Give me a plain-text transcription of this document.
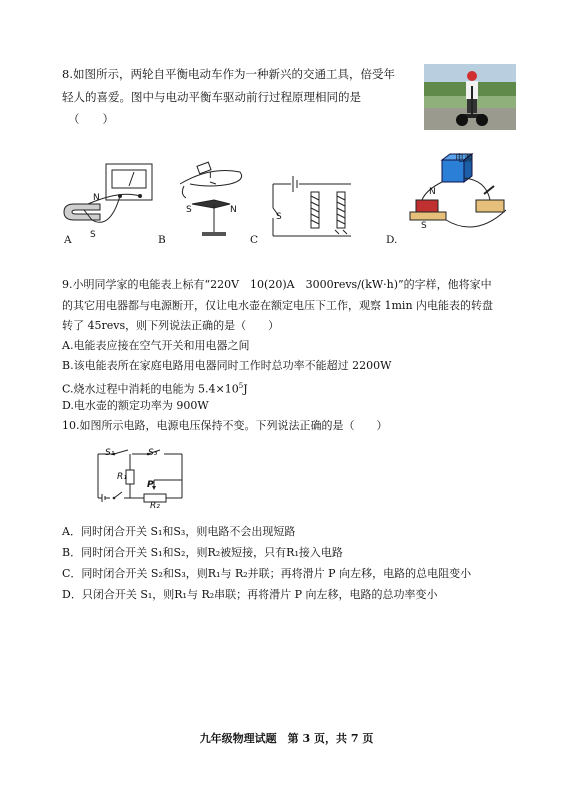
8.如图所示，两轮自平衡电动车作为一种新兴的交通工具，倍受年
轻人的喜爱。图中与电动平衡车驱动前行过程原理相同的是
（　　）
N
S
I
S	N
S
电源
N
S
A	B	C	D.
9.小明同学家的电能表上标有“220V　10(20)A　3000revs/(kW·h)”的字样，他将家中
的其它用电器都与电源断开，仅让电水壶在额定电压下工作，观察 1min 内电能表的转盘
转了 45revs，则下列说法正确的是（　　）
A.电能表应接在空气开关和用电器之间
B.该电能表所在家庭电路用电器同时工作时总功率不能超过 2200W
C.烧水过程中消耗的电能为 $5.4\times 10^5J$
D.电水壶的额定功率为 900W
10.如图所示电路，电源电压保持不变。下列说法正确的是（　　）
S₁	S₃
R₁
P
R₂
A．同时闭合开关 S₁和S₃，则电路不会出现短路
B．同时闭合开关 S₁和S₂，则R₂被短接，只有R₁接入电路
C．同时闭合开关 S₂和S₃，则R₁与 R₂并联；再将滑片 P 向左移，电路的总电阻变小
D．只闭合开关 S₁，则R₁与 R₂串联；再将滑片 P 向左移，电路的总功率变小
九年级物理试题　第 3 页，共 7 页
